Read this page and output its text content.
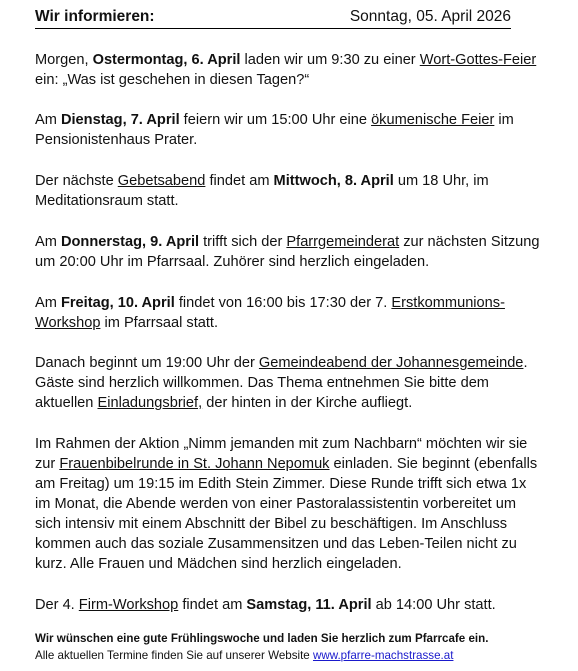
Wir informieren:	Sonntag, 05. April 2026

Morgen, Ostermontag, 6. April laden wir um 9:30 zu einer Wort-Gottes-Feier ein: „Was ist geschehen in diesen Tagen?“

Am Dienstag, 7. April feiern wir um 15:00 Uhr eine ökumenische Feier im Pensionistenhaus Prater.

Der nächste Gebetsabend findet am Mittwoch, 8. April um 18 Uhr, im Meditationsraum statt.

Am Donnerstag, 9. April trifft sich der Pfarrgemeinderat zur nächsten Sitzung um 20:00 Uhr im Pfarrsaal. Zuhörer sind herzlich eingeladen.

Am Freitag, 10. April findet von 16:00 bis 17:30 der 7. Erstkommunions-Workshop im Pfarrsaal statt.

Danach beginnt um 19:00 Uhr der Gemeindeabend der Johannesgemeinde. Gäste sind herzlich willkommen. Das Thema entnehmen Sie bitte dem aktuellen Einladungsbrief, der hinten in der Kirche aufliegt.

Im Rahmen der Aktion „Nimm jemanden mit zum Nachbarn“ möchten wir sie zur Frauenbibelrunde in St. Johann Nepomuk einladen. Sie beginnt (ebenfalls am Freitag) um 19:15 im Edith Stein Zimmer. Diese Runde trifft sich etwa 1x im Monat, die Abende werden von einer Pastoralassistentin vorbereitet um sich intensiv mit einem Abschnitt der Bibel zu beschäftigen. Im Anschluss kommen auch das soziale Zusammensitzen und das Leben-Teilen nicht zu kurz. Alle Frauen und Mädchen sind herzlich eingeladen.

Der 4. Firm-Workshop findet am Samstag, 11. April ab 14:00 Uhr statt.

Wir wünschen eine gute Frühlingswoche und laden Sie herzlich zum Pfarrcafe ein.
Alle aktuellen Termine finden Sie auf unserer Website www.pfarre-machstrasse.at
